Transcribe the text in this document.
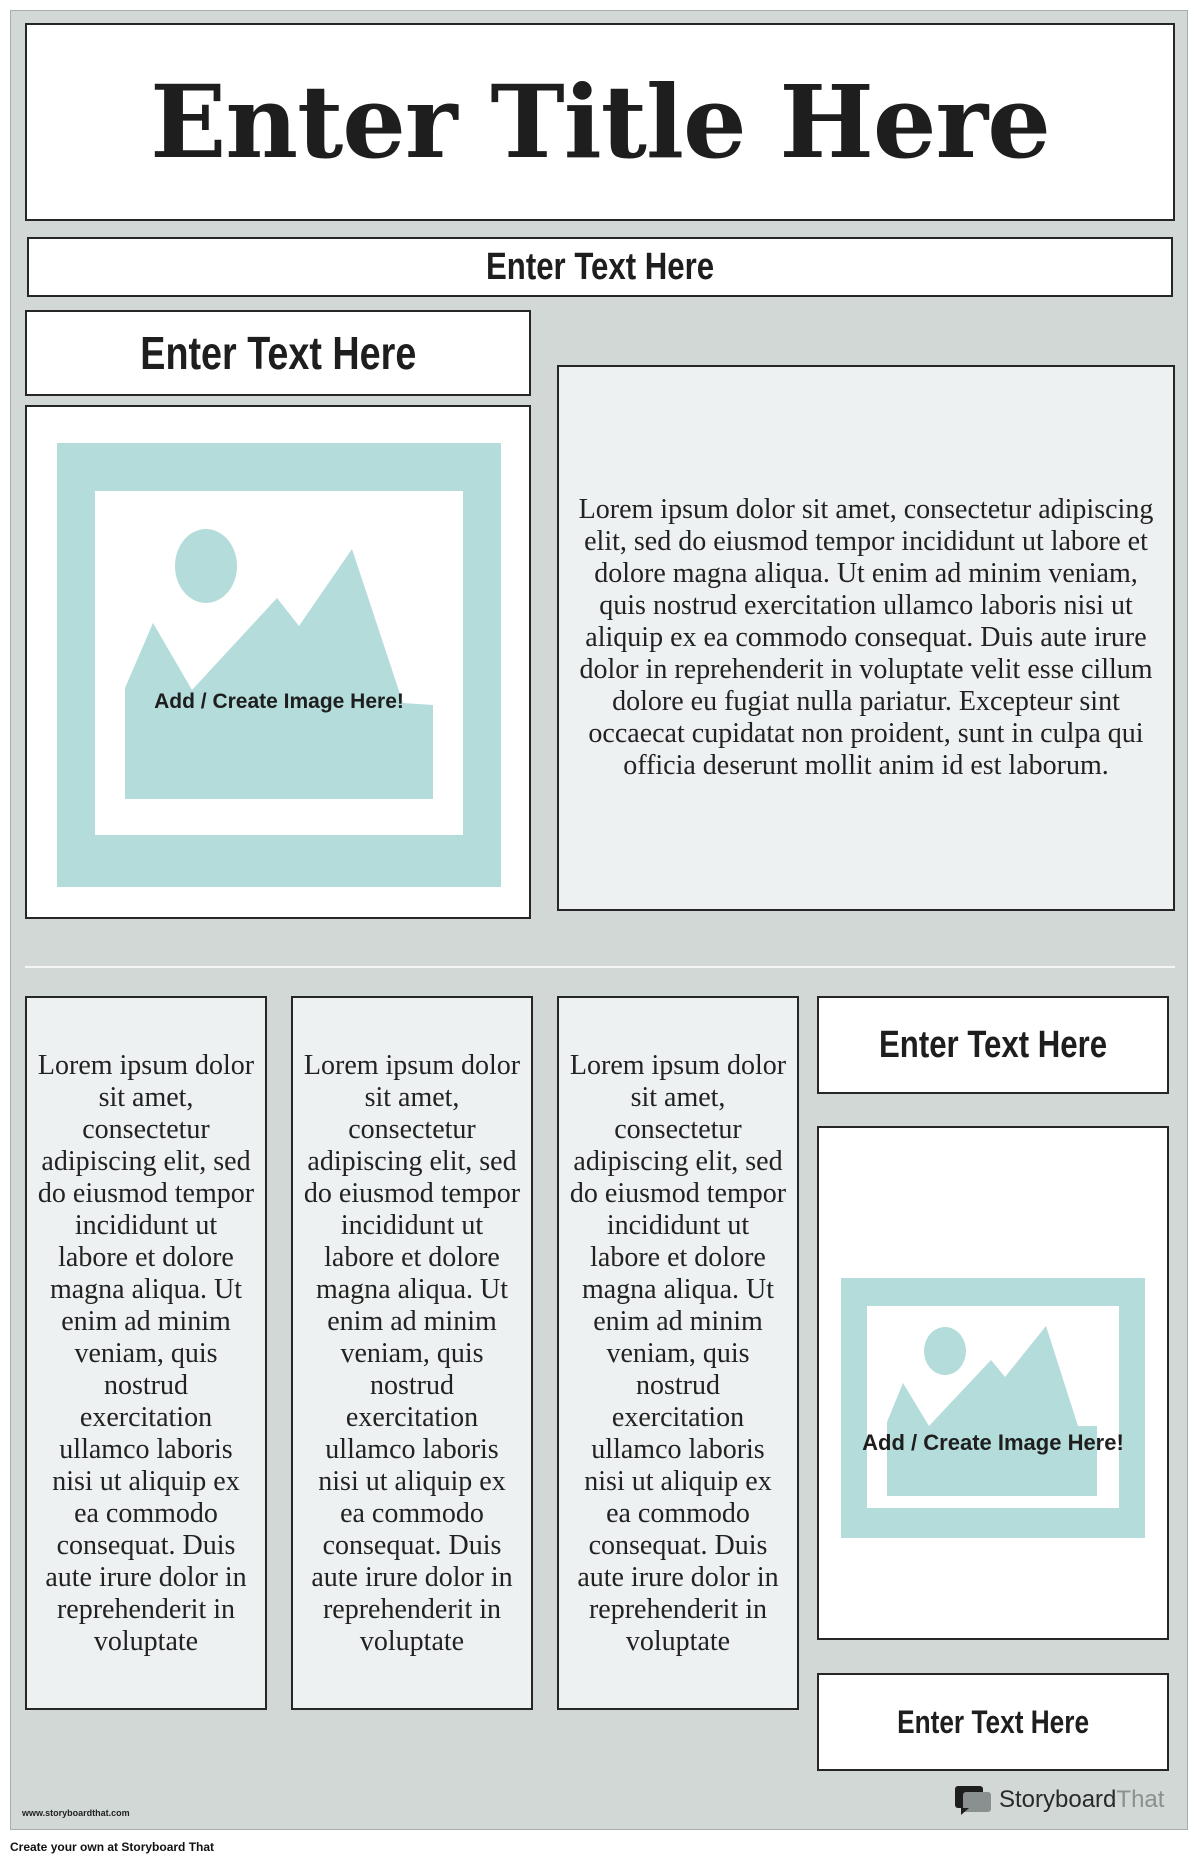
Enter Title Here
Enter Text Here
Enter Text Here
Add / Create Image Here!
Lorem ipsum dolor sit amet, consectetur adipiscing elit, sed do eiusmod tempor incididunt ut labore et dolore magna aliqua. Ut enim ad minim veniam, quis nostrud exercitation ullamco laboris nisi ut aliquip ex ea commodo consequat. Duis aute irure dolor in reprehenderit in voluptate velit esse cillum dolore eu fugiat nulla pariatur. Excepteur sint occaecat cupidatat non proident, sunt in culpa qui officia deserunt mollit anim id est laborum.
Lorem ipsum dolor sit amet, consectetur adipiscing elit, sed do eiusmod tempor incididunt ut labore et dolore magna aliqua. Ut enim ad minim veniam, quis nostrud exercitation ullamco laboris nisi ut aliquip ex ea commodo consequat. Duis aute irure dolor in reprehenderit in voluptate
Lorem ipsum dolor sit amet, consectetur adipiscing elit, sed do eiusmod tempor incididunt ut labore et dolore magna aliqua. Ut enim ad minim veniam, quis nostrud exercitation ullamco laboris nisi ut aliquip ex ea commodo consequat. Duis aute irure dolor in reprehenderit in voluptate
Lorem ipsum dolor sit amet, consectetur adipiscing elit, sed do eiusmod tempor incididunt ut labore et dolore magna aliqua. Ut enim ad minim veniam, quis nostrud exercitation ullamco laboris nisi ut aliquip ex ea commodo consequat. Duis aute irure dolor in reprehenderit in voluptate
Enter Text Here
Add / Create Image Here!
Enter Text Here
www.storyboardthat.com	StoryboardThat
Create your own at Storyboard That
